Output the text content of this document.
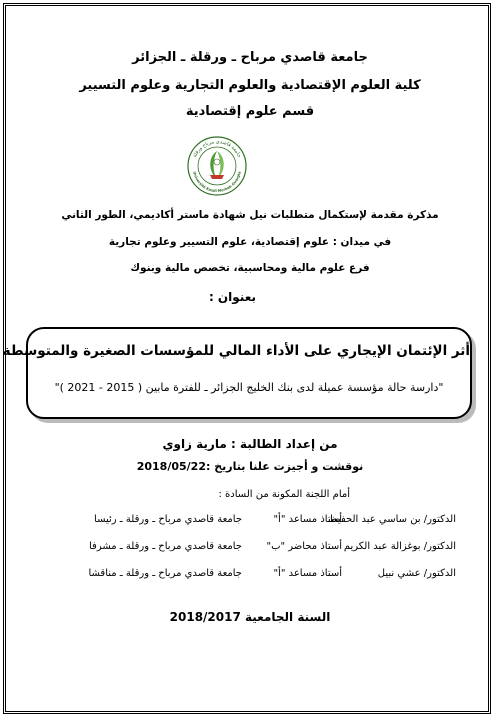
جامعة قاصدي مرباح ـ ورقلة ـ الجزائر
كلية العلوم الإقتصادية والعلوم التجارية وعلوم التسيير
قسم علوم إقتصادية
جامعة قاصدي مرباح ورقلة
Université Kasdi Merbah Ouargla
مذكرة مقدمة لإستكمال متطلبات نيل شهادة ماستر أكاديمي، الطور الثاني
في ميدان : علوم إقتصادية، علوم التسيير وعلوم تجارية
فرع علوم مالية ومحاسبية، تخصص مالية وبنوك
بعنوان :
أثر الإئتمان الإيجاري على الأداء المالي للمؤسسات الصغيرة والمتوسطة
"دارسة حالة مؤسسة عميلة لدى بنك الخليج الجزائر ـ للفترة مابين ( 2015 - 2021 )"
من إعداد الطالبة : مارية زاوي
نوقشت و أجيزت علنا بتاريخ :2018/05/22
أمام اللجنة المكونة من السادة :
الدكتور/ بن ساسي عبد الحفيظ
أستاذ مساعد "أ"
جامعة قاصدي مرباح ـ ورقلة ـ رئيسا
الدكتور/ بوغزالة عبد الكريم
أستاذ محاضر "ب"
جامعة قاصدي مرباح ـ ورقلة ـ مشرفا
الدكتور/ عشي نبيل
أستاذ مساعد "أ"
جامعة قاصدي مرباح ـ ورقلة ـ مناقشا
السنة الجامعية 2018/2017
